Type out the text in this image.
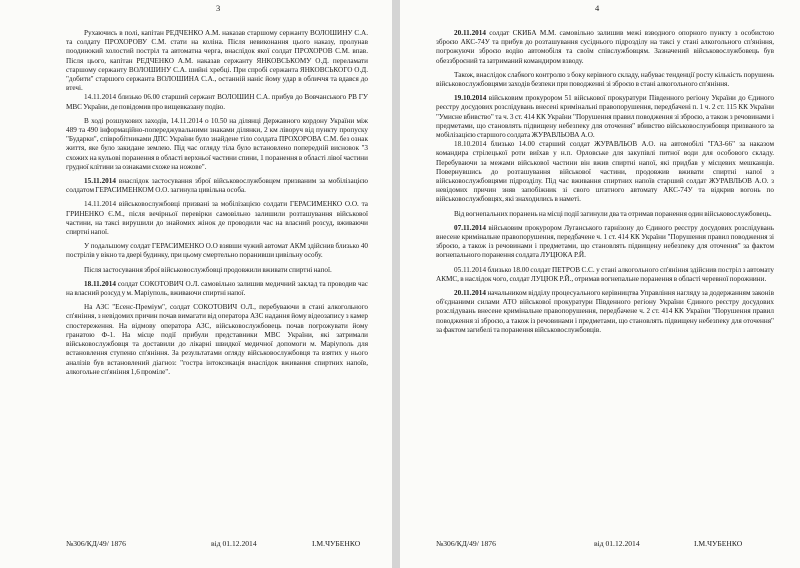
3

Рухаючись в полі, капітан РЕДЧЕНКО А.М. наказав старшому сержанту ВОЛОШИНУ С.А. та солдату ПРОХОРОВУ С.М. стати на коліна. Після невиконання цього наказу, пролунав поодинокий холостий постріл та автоматна черга, внаслідок якої солдат ПРОХОРОВ С.М. впав. Після цього, капітан РЕДЧЕНКО А.М. наказав сержанту ЯНКОВСЬКОМУ О.Д. переламати старшому сержанту ВОЛОШИНУ С.А. шийні хребці. При спробі сержанта ЯНКОВСЬКОГО О.Д. "добити" старшого сержанта ВОЛОШИНА С.А., останній наніс йому удар в обличчя та вдався до втечі.

14.11.2014 близько 06.00 старший сержант ВОЛОШИН С.А. прибув до Вовчанського РВ ГУ МВС України, де повідомив про вищевказану подію.

В ході розшукових заходів, 14.11.2014 о 10.50 на ділянці Державного кордону України між 489 та 490 інформаційно-попереджувальними знаками ділянки, 2 км ліворуч від пункту пропуску "Бударки", співробітниками ДПС України було знайдене тіло солдата ПРОХОРОВА С.М. без ознак життя, яке було закидане землею. Під час огляду тіла було встановлено попередній висновок "3 схожих на кульові поранення в області верхньої частини спини, 1 поранення в області лівої частини грудної клітини за ознаками схоже на ножове".

15.11.2014 внаслідок застосування зброї військовослужбовцем призваним за мобілізацією солдатом ГЕРАСИМЕНКОМ О.О. загинула цивільна особа.

14.11.2014 військовослужбовці призвані за мобілізацією солдати ГЕРАСИМЕНКО О.О. та ГРИНЕНКО Є.М., після вечірньої перевірки самовільно залишили розташування військової частини, на таксі вирушили до знайомих жінок де проводили час на власний розсуд, вживаючи спиртні напої.

У подальшому солдат ГЕРАСИМЕНКО О.О взявши чужий автомат АКМ здійснив близько 40 пострілів у вікно та двері будинку, при цьому смертельно поранивши цивільну особу.

Після застосування зброї військовослужбовці продовжили вживати спиртні напої.

18.11.2014 солдат СОКОТОВИЧ О.Л. самовільно залишив медичний заклад та проводив час на власний розсуд у м. Маріуполь, вживаючи спиртні напої.

На АЗС "Есенс-Преміум", солдат СОКОТОВИЧ О.Л., перебуваючи в стані алкогольного сп'яніння, з невідомих причин почав вимагати від оператора АЗС надання йому відеозапису з камер спостереження. На відмову оператора АЗС, військовослужбовець почав погрожувати йому гранатою Ф-1. На місце події прибули представники МВС України, які затримали військовослужбовця та доставили до лікарні швидкої медичної допомоги м. Маріуполь для встановлення ступеню сп'яніння. За результатами огляду військовослужбовця та взятих у нього аналізів був встановлений діагноз: "гостра інтоксикація внаслідок вживання спиртних напоїв, алкогольне сп'яніння 1,6 проміле".

№306/КД/49/ 1876	від 01.12.2014	І.М.ЧУБЕНКО
4

20.11.2014 солдат СКИБА М.М. самовільно залишив межі взводного опорного пункту з особистою зброєю АКС-74У та прибув до розташування сусіднього підрозділу на таксі у стані алкогольного сп'яніння, погрожуючи зброєю водію автомобіля та своїм співслужбовцям. Зазначений військовослужбовець був обеззброєний та затриманий командиром взводу.

Також, внаслідок слабкого контролю з боку керівного складу, набуває тенденції росту кількість порушень військовослужбовцями заходів безпеки при поводженні зі зброєю в стані алкогольного сп'яніння.

19.10.2014 військовим прокурором 51 військової прокуратури Південного регіону України до Єдиного реєстру досудових розслідувань внесені кримінальні правопорушення, передбачені п. 1 ч. 2 ст. 115 КК України "Умисне вбивство" та ч. 3 ст. 414 КК України "Порушення правил поводження зі зброєю, а також з речовинами і предметами, що становлять підвищену небезпеку для оточення" вбивство військовослужбовця призваного за мобілізацією старшого солдата ЖУРАВЛЬОВА А.О.

18.10.2014 близько 14.00 старший солдат ЖУРАВЛЬОВ А.О. на автомобілі "ГАЗ-66" за наказом командира стрілецької роти виїхав у н.п. Орловське для закупівлі питної води для особового складу. Перебуваючи за межами військової частини він вжив спиртні напої, які придбав у місцевих мешканців. Повернувшись до розташування військової частини, продовжив вживати спиртні напої з військовослужбовцями підрозділу. Під час вживання спиртних напоїв старший солдат ЖУРАВЛЬОВ А.О. з невідомих причин зняв запобіжник зі свого штатного автомату АКС-74У та відкрив вогонь по військовослужбовцях, які знаходились в наметі.

Від вогнепальних поранень на місці події загинули два та отримав поранення один військовослужбовець.

07.11.2014 військовим прокурором Луганського гарнізону до Єдиного реєстру досудових розслідувань внесене кримінальне правопорушення, передбачене ч. 1 ст. 414 КК України "Порушення правил поводження зі зброєю, а також із речовинами і предметами, що становлять підвищену небезпеку для оточення" за фактом вогнепального поранення солдата ЛУЦЮКА Р.Й.

05.11.2014 близько 18.00 солдат ПЕТРОВ С.С. у стані алкогольного сп'яніння здійснив постріл з автомату АКМС, в наслідок чого, солдат ЛУЦЮК Р.Й., отримав вогнепальне поранення в області черевної порожнини.

20.11.2014 начальником відділу процесуального керівництва Управління нагляду за додержанням законів об'єднаними силами АТО військової прокуратури Південного регіону України Єдиного реєстру досудових розслідувань внесене кримінальне правопорушення, передбачене ч. 2 ст. 414 КК України "Порушення правил поводження зі зброєю, а також із речовинами і предметами, що становлять підвищену небезпеку для оточення" за фактом загибелі та поранення військовослужбовців.

№306/КД/49/ 1876	від 01.12.2014	І.М.ЧУБЕНКО
